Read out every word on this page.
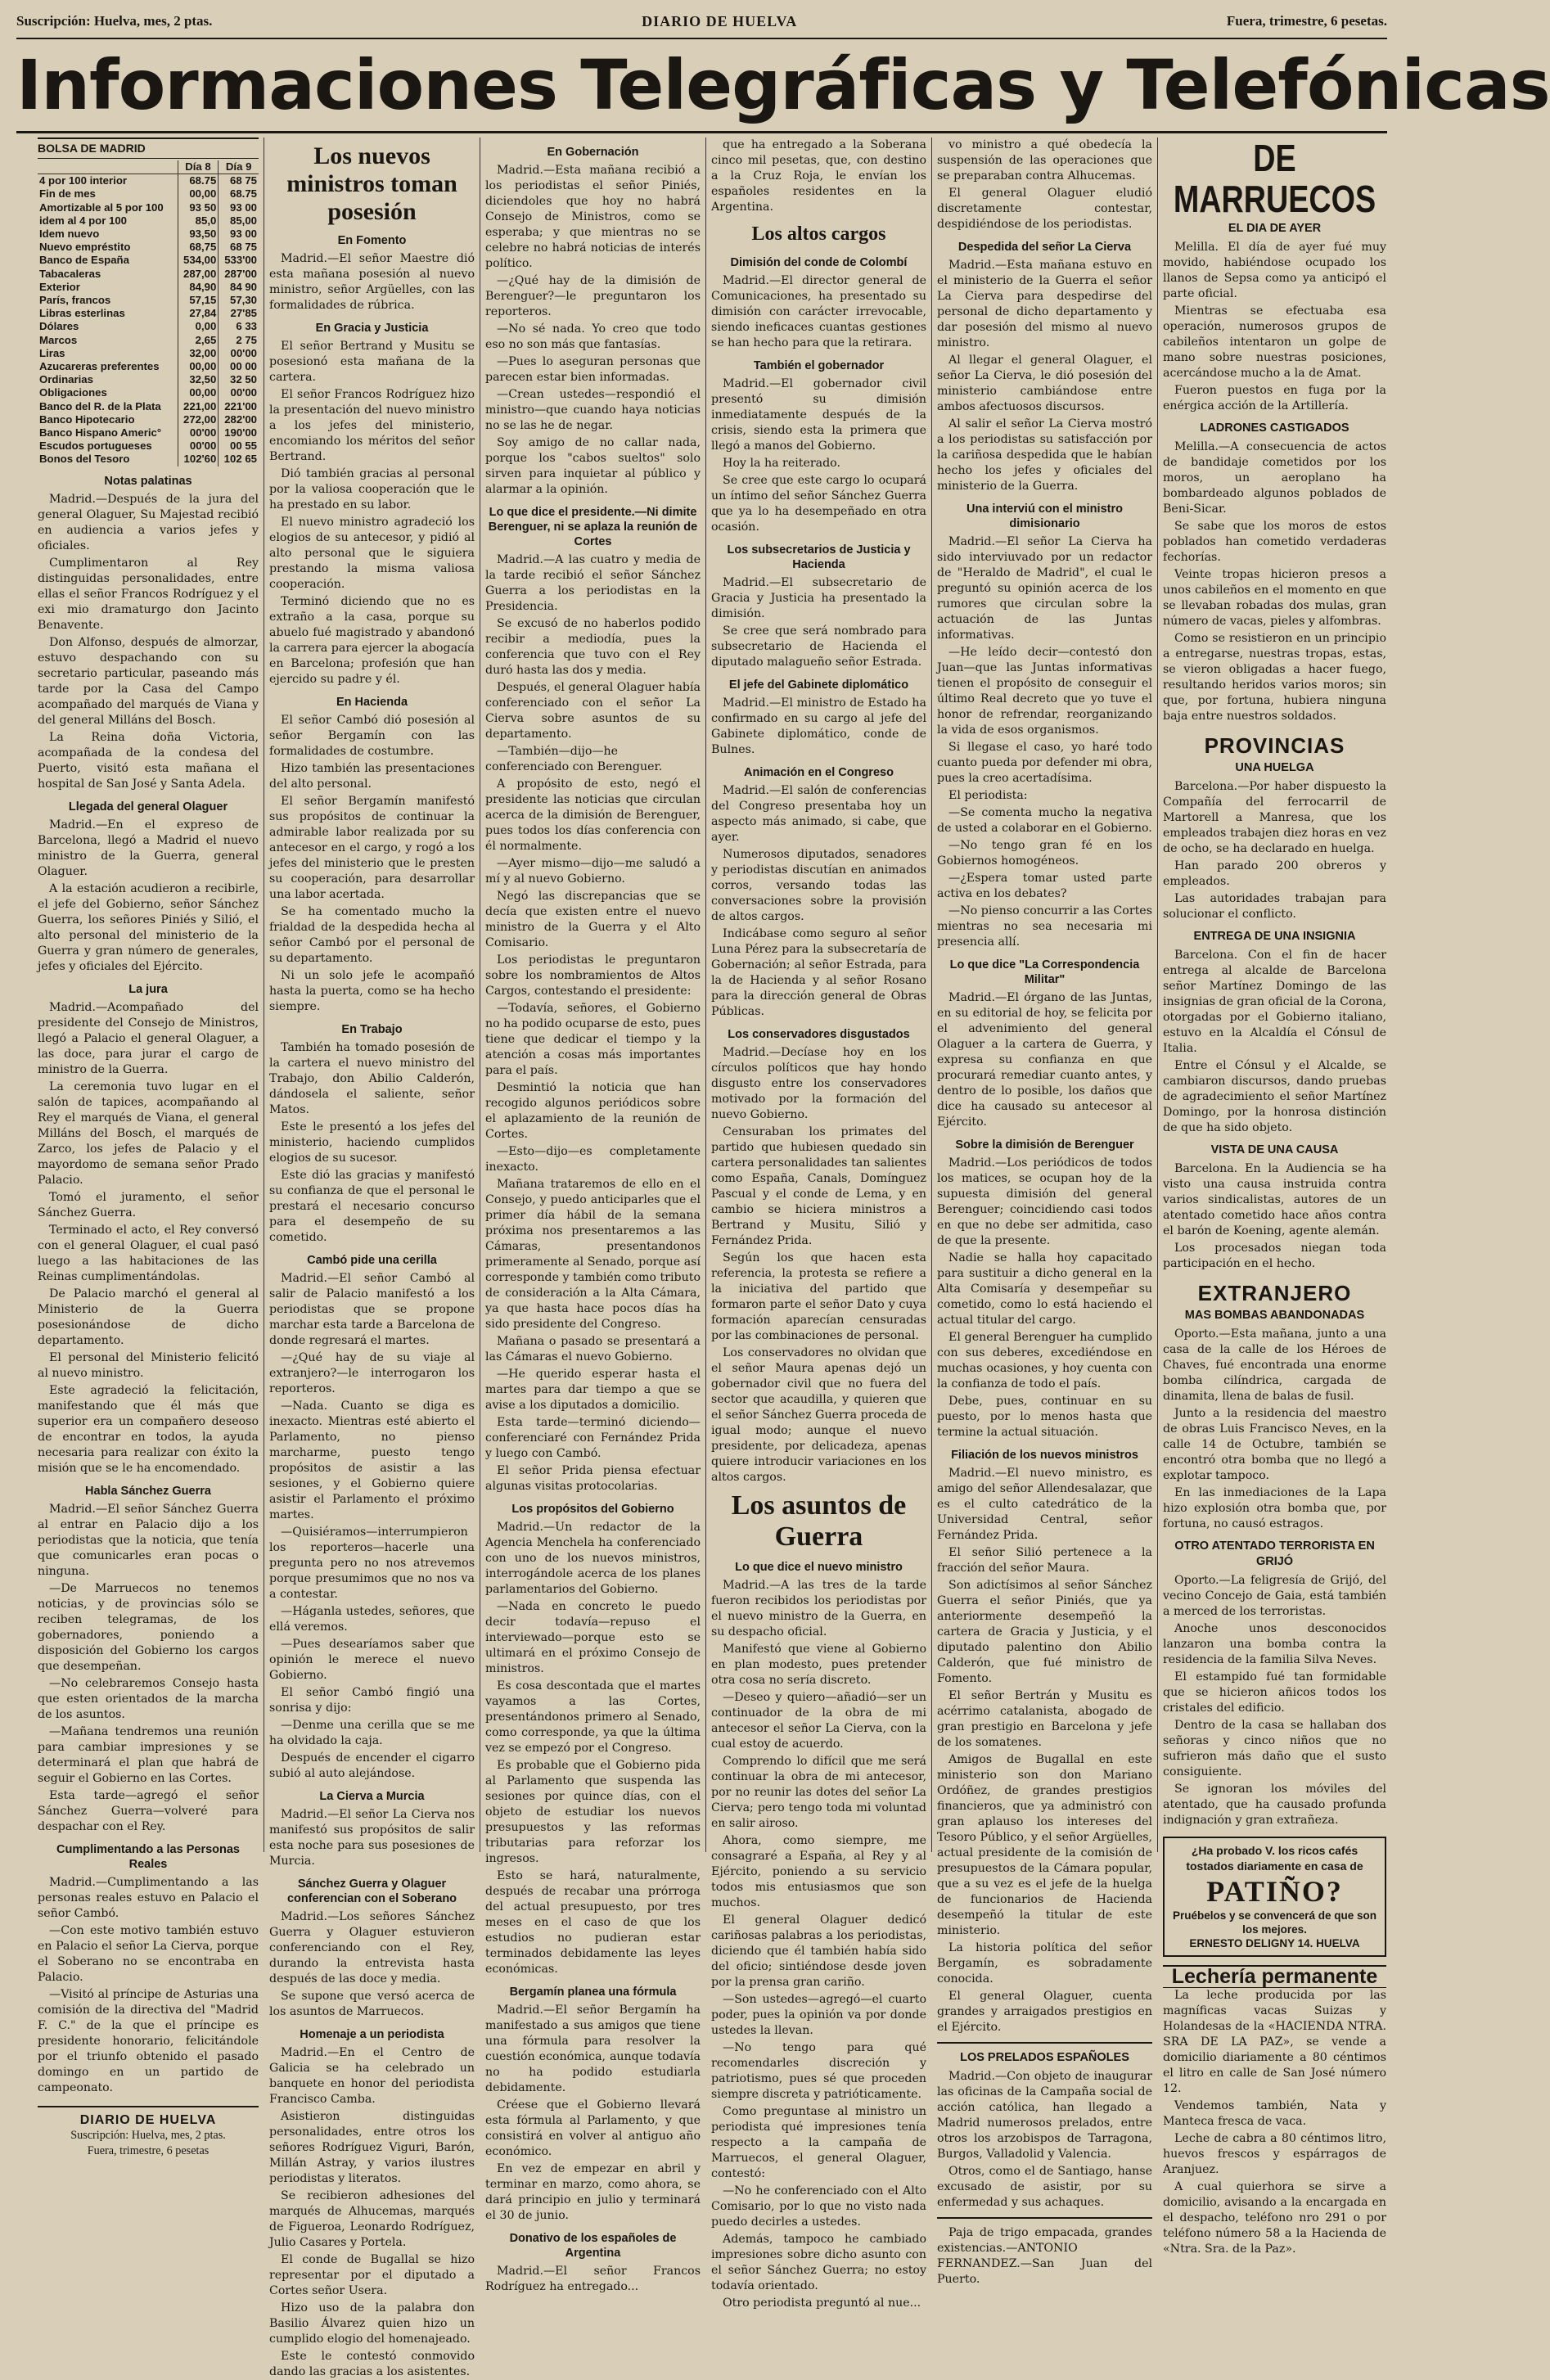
Suscripción: Huelva, mes, 2 ptas.	DIARIO DE HUELVA	Fuera, trimestre, 6 pesetas.
Informaciones Telegráficas y Telefónicas
BOLSA DE MADRID
	Día 8	Día 9
4 por 100 interior	68.75	68 75
Fin de mes	00,00	68.75
Amortizable al 5 por 100	93 50	93 00
idem al 4 por 100	85,0	85,00
Idem nuevo	93,50	93 00
Nuevo empréstito	68,75	68 75
Banco de España	534,00	533'00
Tabacaleras	287,00	287'00
Exterior	84,90	84 90
París, francos	57,15	57,30
Libras esterlinas	27,84	27'85
Dólares	0,00	6 33
Marcos	2,65	2 75
Liras	32,00	00'00
Azucareras preferentes	00,00	00 00
Ordinarias	32,50	32 50
Obligaciones	00,00	00'00
Banco del R. de la Plata	221,00	221'00
Banco Hipotecario	272,00	282'00
Banco Hispano Americ°	00'00	190'00
Escudos portugueses	00'00	00 55
Bonos del Tesoro	102'60	102 65
Notas palatinas

Madrid.—Después de la jura del general Olaguer, Su Majestad recibió en audiencia a varios jefes y oficiales.

Cumplimentaron al Rey distinguidas personalidades, entre ellas el señor Francos Rodríguez y el exi mio dramaturgo don Jacinto Benavente.

Don Alfonso, después de almorzar, estuvo despachando con su secretario particular, paseando más tarde por la Casa del Campo acompañado del marqués de Viana y del general Milláns del Bosch.

La Reina doña Victoria, acompañada de la condesa del Puerto, visitó esta mañana el hospital de San José y Santa Adela.

Llegada del general Olaguer

Madrid.—En el expreso de Barcelona, llegó a Madrid el nuevo ministro de la Guerra, general Olaguer.

A la estación acudieron a recibirle, el jefe del Gobierno, señor Sánchez Guerra, los señores Piniés y Silió, el alto personal del ministerio de la Guerra y gran número de generales, jefes y oficiales del Ejército.

La jura

Madrid.—Acompañado del presidente del Consejo de Ministros, llegó a Palacio el general Olaguer, a las doce, para jurar el cargo de ministro de la Guerra.

La ceremonia tuvo lugar en el salón de tapices, acompañando al Rey el marqués de Viana, el general Milláns del Bosch, el marqués de Zarco, los jefes de Palacio y el mayordomo de semana señor Prado Palacio.

Tomó el juramento, el señor Sánchez Guerra.

Terminado el acto, el Rey conversó con el general Olaguer, el cual pasó luego a las habitaciones de las Reinas cumplimentándolas.

De Palacio marchó el general al Ministerio de la Guerra posesionándose de dicho departamento.

El personal del Ministerio felicitó al nuevo ministro.

Este agradeció la felicitación, manifestando que él más que superior era un compañero deseoso de encontrar en todos, la ayuda necesaria para realizar con éxito la misión que se le ha encomendado.

Habla Sánchez Guerra

Madrid.—El señor Sánchez Guerra al entrar en Palacio dijo a los periodistas que la noticia, que tenía que comunicarles eran pocas o ninguna.

—De Marruecos no tenemos noticias, y de provincias sólo se reciben telegramas, de los gobernadores, poniendo a disposición del Gobierno los cargos que desempeñan.

—No celebraremos Consejo hasta que esten orientados de la marcha de los asuntos.

—Mañana tendremos una reunión para cambiar impresiones y se determinará el plan que habrá de seguir el Gobierno en las Cortes.

Esta tarde—agregó el señor Sánchez Guerra—volveré para despachar con el Rey.

Cumplimentando a las Personas Reales

Madrid.—Cumplimentando a las personas reales estuvo en Palacio el señor Cambó.

—Con este motivo también estuvo en Palacio el señor La Cierva, porque el Soberano no se encontraba en Palacio.

—Visitó al príncipe de Asturias una comisión de la directiva del "Madrid F. C." de la que el príncipe es presidente honorario, felicitándole por el triunfo obtenido el pasado domingo en un partido de campeonato.

DIARIO DE HUELVA
Suscripción: Huelva, mes, 2 ptas.
Fuera, trimestre, 6 pesetas
Los nuevos ministros toman posesión
En Fomento

Madrid.—El señor Maestre dió esta mañana posesión al nuevo ministro, señor Argüelles, con las formalidades de rúbrica.

En Gracia y Justicia

El señor Bertrand y Musitu se posesionó esta mañana de la cartera.

El señor Francos Rodríguez hizo la presentación del nuevo ministro a los jefes del ministerio, encomiando los méritos del señor Bertrand.

Dió también gracias al personal por la valiosa cooperación que le ha prestado en su labor.

El nuevo ministro agradeció los elogios de su antecesor, y pidió al alto personal que le siguiera prestando la misma valiosa cooperación.

Terminó diciendo que no es extraño a la casa, porque su abuelo fué magistrado y abandonó la carrera para ejercer la abogacía en Barcelona; profesión que han ejercido su padre y él.

En Hacienda

El señor Cambó dió posesión al señor Bergamín con las formalidades de costumbre.

Hizo también las presentaciones del alto personal.

El señor Bergamín manifestó sus propósitos de continuar la admirable labor realizada por su antecesor en el cargo, y rogó a los jefes del ministerio que le presten su cooperación, para desarrollar una labor acertada.

Se ha comentado mucho la frialdad de la despedida hecha al señor Cambó por el personal de su departamento.

Ni un solo jefe le acompañó hasta la puerta, como se ha hecho siempre.

En Trabajo

También ha tomado posesión de la cartera el nuevo ministro del Trabajo, don Abilio Calderón, dándosela el saliente, señor Matos.

Este le presentó a los jefes del ministerio, haciendo cumplidos elogios de su sucesor.

Este dió las gracias y manifestó su confianza de que el personal le prestará el necesario concurso para el desempeño de su cometido.

Cambó pide una cerilla

Madrid.—El señor Cambó al salir de Palacio manifestó a los periodistas que se propone marchar esta tarde a Barcelona de donde regresará el martes.

—¿Qué hay de su viaje al extranjero?—le interrogaron los reporteros.

—Nada. Cuanto se diga es inexacto. Mientras esté abierto el Parlamento, no pienso marcharme, puesto tengo propósitos de asistir a las sesiones, y el Gobierno quiere asistir el Parlamento el próximo martes.

—Quisiéramos—interrumpieron los reporteros—hacerle una pregunta pero no nos atrevemos porque presumimos que no nos va a contestar.

—Háganla ustedes, señores, que ellá veremos.

—Pues desearíamos saber que opinión le merece el nuevo Gobierno.

El señor Cambó fingió una sonrisa y dijo:

—Denme una cerilla que se me ha olvidado la caja.

Después de encender el cigarro subió al auto alejándose.

La Cierva a Murcia

Madrid.—El señor La Cierva nos manifestó sus propósitos de salir esta noche para sus posesiones de Murcia.

Sánchez Guerra y Olaguer conferencian con el Soberano

Madrid.—Los señores Sánchez Guerra y Olaguer estuvieron conferenciando con el Rey, durando la entrevista hasta después de las doce y media.

Se supone que versó acerca de los asuntos de Marruecos.

Homenaje a un periodista

Madrid.—En el Centro de Galicia se ha celebrado un banquete en honor del periodista Francisco Camba.

Asistieron distinguidas personalidades, entre otros los señores Rodríguez Viguri, Barón, Millán Astray, y varios ilustres periodistas y literatos.

Se recibieron adhesiones del marqués de Alhucemas, marqués de Figueroa, Leonardo Rodríguez, Julio Casares y Portela.

El conde de Bugallal se hizo representar por el diputado a Cortes señor Usera.

Hizo uso de la palabra don Basilio Álvarez quien hizo un cumplido elogio del homenajeado.

Este le contestó conmovido dando las gracias a los asistentes.

En Gobernación

Madrid.—Esta mañana recibió a los periodistas el señor Piniés, diciendoles que hoy no habrá Consejo de Ministros, como se esperaba; y que mientras no se celebre no habrá noticias de interés político.

—¿Qué hay de la dimisión de Berenguer?—le preguntaron los reporteros.

—No sé nada. Yo creo que todo eso no son más que fantasías.

—Pues lo aseguran personas que parecen estar bien informadas.

—Crean ustedes—respondió el ministro—que cuando haya noticias no se las he de negar.

Soy amigo de no callar nada, porque los "cabos sueltos" solo sirven para inquietar al público y alarmar a la opinión.

Lo que dice el presidente.—Ni dimite Berenguer, ni se aplaza la reunión de Cortes

Madrid.—A las cuatro y media de la tarde recibió el señor Sánchez Guerra a los periodistas en la Presidencia.

Se excusó de no haberlos podido recibir a mediodía, pues la conferencia que tuvo con el Rey duró hasta las dos y media.

Después, el general Olaguer había conferenciado con el señor La Cierva sobre asuntos de su departamento.

—También—dijo—he conferenciado con Berenguer.

A propósito de esto, negó el presidente las noticias que circulan acerca de la dimisión de Berenguer, pues todos los días conferencia con él normalmente.

—Ayer mismo—dijo—me saludó a mí y al nuevo Gobierno.

Negó las discrepancias que se decía que existen entre el nuevo ministro de la Guerra y el Alto Comisario.

Los periodistas le preguntaron sobre los nombramientos de Altos Cargos, contestando el presidente:

—Todavía, señores, el Gobierno no ha podido ocuparse de esto, pues tiene que dedicar el tiempo y la atención a cosas más importantes para el país.

Desmintió la noticia que han recogido algunos periódicos sobre el aplazamiento de la reunión de Cortes.

—Esto—dijo—es completamente inexacto.

Mañana trataremos de ello en el Consejo, y puedo anticiparles que el primer día hábil de la semana próxima nos presentaremos a las Cámaras, presentandonos primeramente al Senado, porque así corresponde y también como tributo de consideración a la Alta Cámara, ya que hasta hace pocos días ha sido presidente del Congreso.

Mañana o pasado se presentará a las Cámaras el nuevo Gobierno.

—He querido esperar hasta el martes para dar tiempo a que se avise a los diputados a domicilio.

Esta tarde—terminó diciendo—conferenciaré con Fernández Prida y luego con Cambó.

El señor Prida piensa efectuar algunas visitas protocolarias.

Los propósitos del Gobierno

Madrid.—Un redactor de la Agencia Menchela ha conferenciado con uno de los nuevos ministros, interrogándole acerca de los planes parlamentarios del Gobierno.

—Nada en concreto le puedo decir todavía—repuso el interviewado—porque esto se ultimará en el próximo Consejo de ministros.

Es cosa descontada que el martes vayamos a las Cortes, presentándonos primero al Senado, como corresponde, ya que la última vez se empezó por el Congreso.

Es probable que el Gobierno pida al Parlamento que suspenda las sesiones por quince días, con el objeto de estudiar los nuevos presupuestos y las reformas tributarias para reforzar los ingresos.

Esto se hará, naturalmente, después de recabar una prórroga del actual presupuesto, por tres meses en el caso de que los estudios no pudieran estar terminados debidamente las leyes económicas.

Bergamín planea una fórmula

Madrid.—El señor Bergamín ha manifestado a sus amigos que tiene una fórmula para resolver la cuestión económica, aunque todavía no ha podido estudiarla debidamente.

Créese que el Gobierno llevará esta fórmula al Parlamento, y que consistirá en volver al antiguo año económico.

En vez de empezar en abril y terminar en marzo, como ahora, se dará principio en julio y terminará el 30 de junio.

Donativo de los españoles de Argentina

Madrid.—El señor Francos Rodríguez ha entregado...

que ha entregado a la Soberana cinco mil pesetas, que, con destino a la Cruz Roja, le envían los españoles residentes en la Argentina.

Los altos cargos
Dimisión del conde de Colombí

Madrid.—El director general de Comunicaciones, ha presentado su dimisión con carácter irrevocable, siendo ineficaces cuantas gestiones se han hecho para que la retirara.

También el gobernador

Madrid.—El gobernador civil presentó su dimisión inmediatamente después de la crisis, siendo esta la primera que llegó a manos del Gobierno.

Hoy la ha reiterado.

Se cree que este cargo lo ocupará un íntimo del señor Sánchez Guerra que ya lo ha desempeñado en otra ocasión.

Los subsecretarios de Justicia y Hacienda

Madrid.—El subsecretario de Gracia y Justicia ha presentado la dimisión.

Se cree que será nombrado para subsecretario de Hacienda el diputado malagueño señor Estrada.

El jefe del Gabinete diplomático

Madrid.—El ministro de Estado ha confirmado en su cargo al jefe del Gabinete diplomático, conde de Bulnes.

Animación en el Congreso

Madrid.—El salón de conferencias del Congreso presentaba hoy un aspecto más animado, si cabe, que ayer.

Numerosos diputados, senadores y periodistas discutían en animados corros, versando todas las conversaciones sobre la provisión de altos cargos.

Indicábase como seguro al señor Luna Pérez para la subsecretaría de Gobernación; al señor Estrada, para la de Hacienda y al señor Rosano para la dirección general de Obras Públicas.

Los conservadores disgustados

Madrid.—Decíase hoy en los círculos políticos que hay hondo disgusto entre los conservadores motivado por la formación del nuevo Gobierno.

Censuraban los primates del partido que hubiesen quedado sin cartera personalidades tan salientes como España, Canals, Domínguez Pascual y el conde de Lema, y en cambio se hiciera ministros a Bertrand y Musitu, Silió y Fernández Prida.

Según los que hacen esta referencia, la protesta se refiere a la iniciativa del partido que formaron parte el señor Dato y cuya formación aparecían censuradas por las combinaciones de personal.

Los conservadores no olvidan que el señor Maura apenas dejó un gobernador civil que no fuera del sector que acaudilla, y quieren que el señor Sánchez Guerra proceda de igual modo; aunque el nuevo presidente, por delicadeza, apenas quiere introducir variaciones en los altos cargos.

Los asuntos de Guerra
Lo que dice el nuevo ministro

Madrid.—A las tres de la tarde fueron recibidos los periodistas por el nuevo ministro de la Guerra, en su despacho oficial.

Manifestó que viene al Gobierno en plan modesto, pues pretender otra cosa no sería discreto.

—Deseo y quiero—añadió—ser un continuador de la obra de mi antecesor el señor La Cierva, con la cual estoy de acuerdo.

Comprendo lo difícil que me será continuar la obra de mi antecesor, por no reunir las dotes del señor La Cierva; pero tengo toda mi voluntad en salir airoso.

Ahora, como siempre, me consagraré a España, al Rey y al Ejército, poniendo a su servicio todos mis entusiasmos que son muchos.

El general Olaguer dedicó cariñosas palabras a los periodistas, diciendo que él también había sido del oficio; sintiéndose desde joven por la prensa gran cariño.

—Son ustedes—agregó—el cuarto poder, pues la opinión va por donde ustedes la llevan.

—No tengo para qué recomendarles discreción y patriotismo, pues sé que proceden siempre discreta y patrióticamente.

Como preguntase al ministro un periodista qué impresiones tenía respecto a la campaña de Marruecos, el general Olaguer, contestó:

—No he conferenciado con el Alto Comisario, por lo que no visto nada puedo decirles a ustedes.

Además, tampoco he cambiado impresiones sobre dicho asunto con el señor Sánchez Guerra; no estoy todavía orientado.

Otro periodista preguntó al nue...

vo ministro a qué obedecía la suspensión de las operaciones que se preparaban contra Alhucemas.

El general Olaguer eludió discretamente contestar, despidiéndose de los periodistas.

Despedida del señor La Cierva

Madrid.—Esta mañana estuvo en el ministerio de la Guerra el señor La Cierva para despedirse del personal de dicho departamento y dar posesión del mismo al nuevo ministro.

Al llegar el general Olaguer, el señor La Cierva, le dió posesión del ministerio cambiándose entre ambos afectuosos discursos.

Al salir el señor La Cierva mostró a los periodistas su satisfacción por la cariñosa despedida que le habían hecho los jefes y oficiales del ministerio de la Guerra.

Una interviú con el ministro dimisionario

Madrid.—El señor La Cierva ha sido interviuvado por un redactor de "Heraldo de Madrid", el cual le preguntó su opinión acerca de los rumores que circulan sobre la actuación de las Juntas informativas.

—He leído decir—contestó don Juan—que las Juntas informativas tienen el propósito de conseguir el último Real decreto que yo tuve el honor de refrendar, reorganizando la vida de esos organismos.

Si llegase el caso, yo haré todo cuanto pueda por defender mi obra, pues la creo acertadísima.

El periodista:

—Se comenta mucho la negativa de usted a colaborar en el Gobierno.

—No tengo gran fé en los Gobiernos homogéneos.

—¿Espera tomar usted parte activa en los debates?

—No pienso concurrir a las Cortes mientras no sea necesaria mi presencia allí.

Lo que dice "La Correspondencia Militar"

Madrid.—El órgano de las Juntas, en su editorial de hoy, se felicita por el advenimiento del general Olaguer a la cartera de Guerra, y expresa su confianza en que procurará remediar cuanto antes, y dentro de lo posible, los daños que dice ha causado su antecesor al Ejército.

Sobre la dimisión de Berenguer

Madrid.—Los periódicos de todos los matices, se ocupan hoy de la supuesta dimisión del general Berenguer; coincidiendo casi todos en que no debe ser admitida, caso de que la presente.

Nadie se halla hoy capacitado para sustituir a dicho general en la Alta Comisaría y desempeñar su cometido, como lo está haciendo el actual titular del cargo.

El general Berenguer ha cumplido con sus deberes, excediéndose en muchas ocasiones, y hoy cuenta con la confianza de todo el país.

Debe, pues, continuar en su puesto, por lo menos hasta que termine la actual situación.

Filiación de los nuevos ministros

Madrid.—El nuevo ministro, es amigo del señor Allendesalazar, que es el culto catedrático de la Universidad Central, señor Fernández Prida.

El señor Silió pertenece a la fracción del señor Maura.

Son adictísimos al señor Sánchez Guerra el señor Piniés, que ya anteriormente desempeñó la cartera de Gracia y Justicia, y el diputado palentino don Abilio Calderón, que fué ministro de Fomento.

El señor Bertrán y Musitu es acérrimo catalanista, abogado de gran prestigio en Barcelona y jefe de los somatenes.

Amigos de Bugallal en este ministerio son don Mariano Ordóñez, de grandes prestigios financieros, que ya administró con gran aplauso los intereses del Tesoro Público, y el señor Argüelles, actual presidente de la comisión de presupuestos de la Cámara popular, que a su vez es el jefe de la huelga de funcionarios de Hacienda desempeñó la titular de este ministerio.

La historia política del señor Bergamín, es sobradamente conocida.

El general Olaguer, cuenta grandes y arraigados prestigios en el Ejército.

LOS PRELADOS ESPAÑOLES

Madrid.—Con objeto de inaugurar las oficinas de la Campaña social de acción católica, han llegado a Madrid numerosos prelados, entre otros los arzobispos de Tarragona, Burgos, Valladolid y Valencia.

Otros, como el de Santiago, hanse excusado de asistir, por su enfermedad y sus achaques.

Paja de trigo empacada, grandes existencias.—ANTONIO FERNANDEZ.—San Juan del Puerto.

DE MARRUECOS
EL DIA DE AYER

Melilla. El día de ayer fué muy movido, habiéndose ocupado los llanos de Sepsa como ya anticipó el parte oficial.

Mientras se efectuaba esa operación, numerosos grupos de cabileños intentaron un golpe de mano sobre nuestras posiciones, acercándose mucho a la de Amat.

Fueron puestos en fuga por la enérgica acción de la Artillería.

LADRONES CASTIGADOS

Melilla.—A consecuencia de actos de bandidaje cometidos por los moros, un aeroplano ha bombardeado algunos poblados de Beni-Sicar.

Se sabe que los moros de estos poblados han cometido verdaderas fechorías.

Veinte tropas hicieron presos a unos cabileños en el momento en que se llevaban robadas dos mulas, gran número de vacas, pieles y alfombras.

Como se resistieron en un principio a entregarse, nuestras tropas, estas, se vieron obligadas a hacer fuego, resultando heridos varios moros; sin que, por fortuna, hubiera ninguna baja entre nuestros soldados.

PROVINCIAS
UNA HUELGA

Barcelona.—Por haber dispuesto la Compañía del ferrocarril de Martorell a Manresa, que los empleados trabajen diez horas en vez de ocho, se ha declarado en huelga.

Han parado 200 obreros y empleados.

Las autoridades trabajan para solucionar el conflicto.

ENTREGA DE UNA INSIGNIA

Barcelona. Con el fin de hacer entrega al alcalde de Barcelona señor Martínez Domingo de las insignias de gran oficial de la Corona, otorgadas por el Gobierno italiano, estuvo en la Alcaldía el Cónsul de Italia.

Entre el Cónsul y el Alcalde, se cambiaron discursos, dando pruebas de agradecimiento el señor Martínez Domingo, por la honrosa distinción de que ha sido objeto.

VISTA DE UNA CAUSA

Barcelona. En la Audiencia se ha visto una causa instruida contra varios sindicalistas, autores de un atentado cometido hace años contra el barón de Koening, agente alemán.

Los procesados niegan toda participación en el hecho.

EXTRANJERO
MAS BOMBAS ABANDONADAS

Oporto.—Esta mañana, junto a una casa de la calle de los Héroes de Chaves, fué encontrada una enorme bomba cilíndrica, cargada de dinamita, llena de balas de fusil.

Junto a la residencia del maestro de obras Luis Francisco Neves, en la calle 14 de Octubre, también se encontró otra bomba que no llegó a explotar tampoco.

En las inmediaciones de la Lapa hizo explosión otra bomba que, por fortuna, no causó estragos.

OTRO ATENTADO TERRORISTA EN GRIJÓ

Oporto.—La feligresía de Grijó, del vecino Concejo de Gaia, está también a merced de los terroristas.

Anoche unos desconocidos lanzaron una bomba contra la residencia de la familia Silva Neves.

El estampido fué tan formidable que se hicieron añicos todos los cristales del edificio.

Dentro de la casa se hallaban dos señoras y cinco niños que no sufrieron más daño que el susto consiguiente.

Se ignoran los móviles del atentado, que ha causado profunda indignación y gran extrañeza.

¿Ha probado V. los ricos cafés tostados diariamente en casa de
PATIÑO?
Pruébelos y se convencerá de que son los mejores.
ERNESTO DELIGNY 14. HUELVA
Lechería permanente

La leche producida por las magníficas vacas Suizas y Holandesas de la «HACIENDA NTRA. SRA DE LA PAZ», se vende a domicilio diariamente a 80 céntimos el litro en calle de San José número 12.

Vendemos también, Nata y Manteca fresca de vaca.

Leche de cabra a 80 céntimos litro, huevos frescos y espárragos de Aranjuez.

A cual quierhora se sirve a domicilio, avisando a la encargada en el despacho, teléfono nro 291 o por teléfono número 58 a la Hacienda de «Ntra. Sra. de la Paz».
